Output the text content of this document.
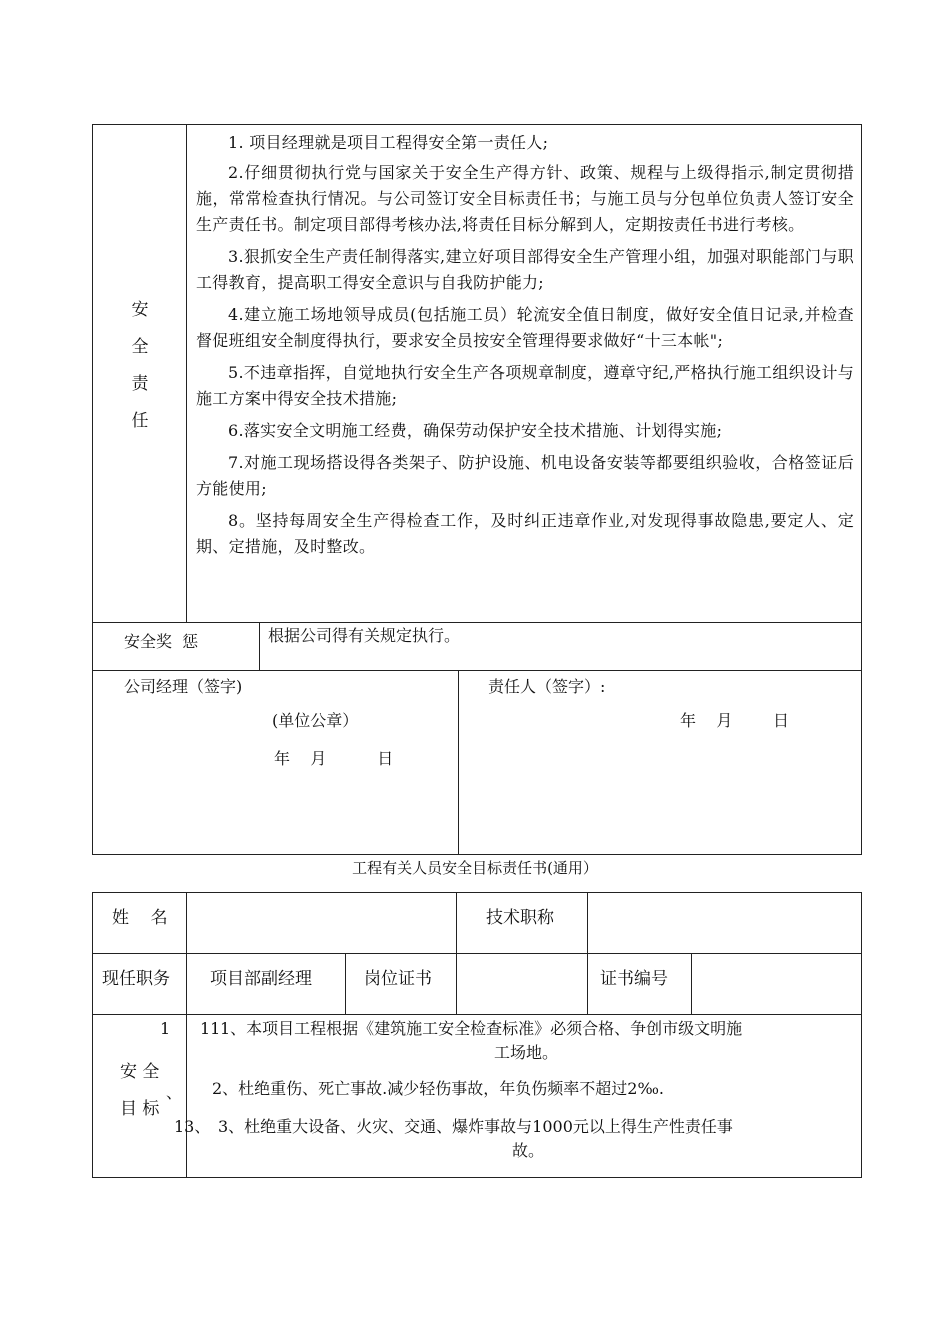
安
全
责
任

1. 项目经理就是项目工程得安全第一责任人;

2.仔细贯彻执行党与国家关于安全生产得方针、政策、规程与上级得指示,制定贯彻措施，常常检查执行情况。与公司签订安全目标责任书；与施工员与分包单位负责人签订安全生产责任书。制定项目部得考核办法,将责任目标分解到人，定期按责任书进行考核。

3.狠抓安全生产责任制得落实,建立好项目部得安全生产管理小组，加强对职能部门与职工得教育，提高职工得安全意识与自我防护能力;

4.建立施工场地领导成员(包括施工员）轮流安全值日制度，做好安全值日记录,并检查督促班组安全制度得执行，要求安全员按安全管理得要求做好“十三本帐";

5.不违章指挥，自觉地执行安全生产各项规章制度，遵章守纪,严格执行施工组织设计与施工方案中得安全技术措施;

6.落实安全文明施工经费，确保劳动保护安全技术措施、计划得实施;

7.对施工现场搭设得各类架子、防护设施、机电设备安装等都要组织验收，合格签证后方能使用;

8。坚持每周安全生产得检查工作，及时纠正违章作业,对发现得事故隐患,要定人、定期、定措施，及时整改。

安全奖  惩	根据公司得有关规定执行。
公司经理（签字)
(单位公章）
年    月          日
责任人（签字）:
年    月        日
工程有关人员安全目标责任书(通用）
姓    名	技术职称
现任职务 项目部副经理	岗位证书	证书编号
1
安 全
、
目 标
11 1、本项目工程根据《建筑施工安全检查标准》必须合格、争创市级文明施
工场地。
2、杜绝重伤、死亡事故.减少轻伤事故，年负伤频率不超过2‰.
13、 3、杜绝重大设备、火灾、交通、爆炸事故与1000元以上得生产性责任事
故。
